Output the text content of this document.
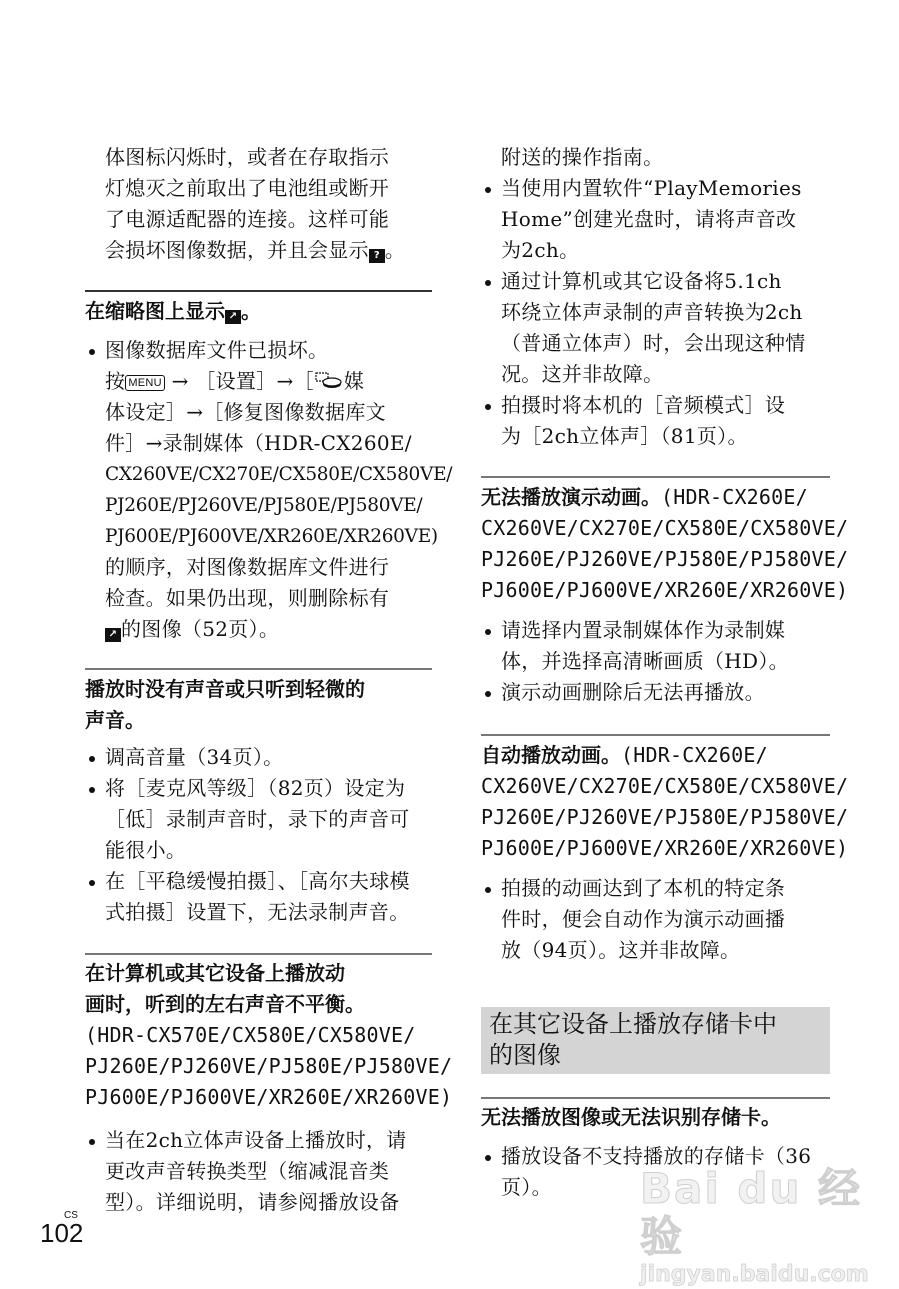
体图标闪烁时，或者在存取指示
灯熄灭之前取出了电池组或断开
了电源适配器的连接。这样可能
会损坏图像数据，并且会显示 ? 。
在缩略图上显示 ↗ 。
图像数据库文件已损坏。
按 MENU → ［设置］→［ 媒
体设定］→［修复图像数据库文
件］→录制媒体（HDR-CX260E/
CX260VE/CX270E/CX580E/CX580VE/
PJ260E/PJ260VE/PJ580E/PJ580VE/
PJ600E/PJ600VE/XR260E/XR260VE)
的顺序，对图像数据库文件进行
检查。如果仍出现，则删除标有
↗ 的图像（52页）。
播放时没有声音或只听到轻微的
声音。
调高音量（34页）。
将［麦克风等级］（82页）设定为
［低］录制声音时，录下的声音可
能很小。
在［平稳缓慢拍摄］、［高尔夫球模
式拍摄］设置下，无法录制声音。
在计算机或其它设备上播放动
画时，听到的左右声音不平衡。
(HDR-CX570E/CX580E/CX580VE/
PJ260E/PJ260VE/PJ580E/PJ580VE/
PJ600E/PJ600VE/XR260E/XR260VE)
当在2ch立体声设备上播放时，请
更改声音转换类型（缩减混音类
型）。详细说明，请参阅播放设备
附送的操作指南。
当使用内置软件“PlayMemories
Home”创建光盘时，请将声音改
为2ch。
通过计算机或其它设备将5.1ch
环绕立体声录制的声音转换为2ch
（普通立体声）时，会出现这种情
况。这并非故障。
拍摄时将本机的［音频模式］设
为［2ch立体声］（81页）。
无法播放演示动画。(HDR-CX260E/
CX260VE/CX270E/CX580E/CX580VE/
PJ260E/PJ260VE/PJ580E/PJ580VE/
PJ600E/PJ600VE/XR260E/XR260VE)
请选择内置录制媒体作为录制媒
体，并选择高清晰画质（HD）。
演示动画删除后无法再播放。
自动播放动画。(HDR-CX260E/
CX260VE/CX270E/CX580E/CX580VE/
PJ260E/PJ260VE/PJ580E/PJ580VE/
PJ600E/PJ600VE/XR260E/XR260VE)
拍摄的动画达到了本机的特定条
件时，便会自动作为演示动画播
放（94页）。这并非故障。
在其它设备上播放存储卡中
的图像
无法播放图像或无法识别存储卡。
播放设备不支持播放的存储卡（36
页）。
CS
102
Bai du 经验
jingyan.baidu.com
